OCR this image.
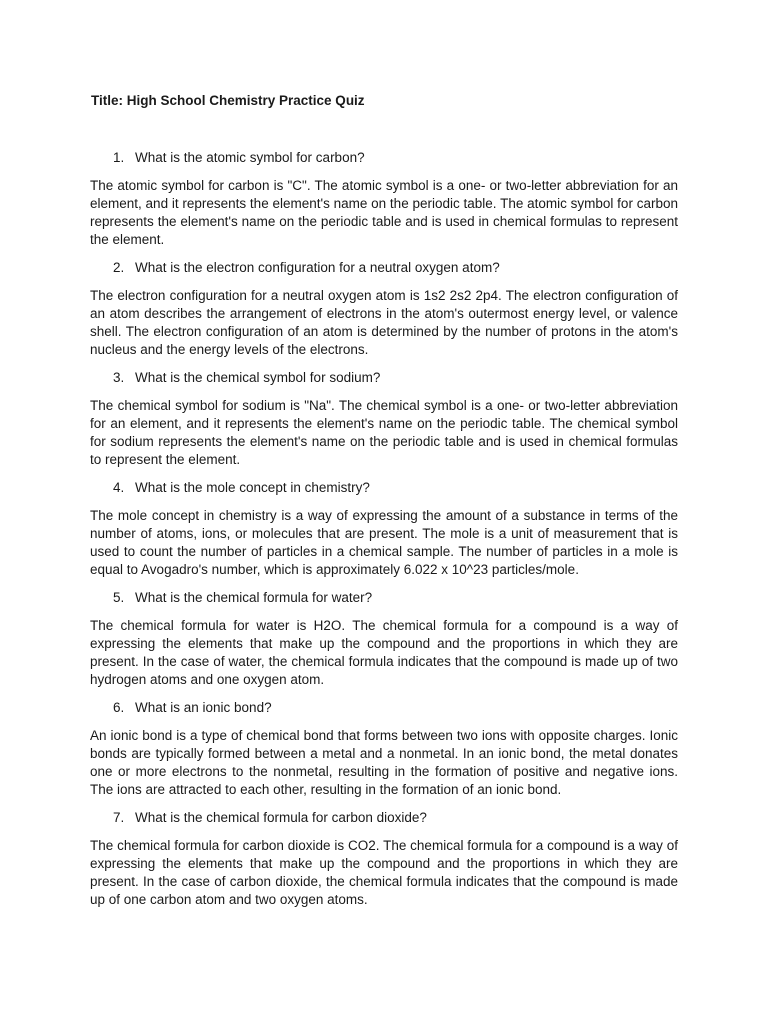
Title: High School Chemistry Practice Quiz
1. What is the atomic symbol for carbon?

The atomic symbol for carbon is "C". The atomic symbol is a one- or two-letter abbreviation for an element, and it represents the element's name on the periodic table. The atomic symbol for carbon represents the element's name on the periodic table and is used in chemical formulas to represent the element.

2. What is the electron configuration for a neutral oxygen atom?

The electron configuration for a neutral oxygen atom is 1s2 2s2 2p4. The electron configuration of an atom describes the arrangement of electrons in the atom's outermost energy level, or valence shell. The electron configuration of an atom is determined by the number of protons in the atom's nucleus and the energy levels of the electrons.

3. What is the chemical symbol for sodium?

The chemical symbol for sodium is "Na". The chemical symbol is a one- or two-letter abbreviation for an element, and it represents the element's name on the periodic table. The chemical symbol for sodium represents the element's name on the periodic table and is used in chemical formulas to represent the element.

4. What is the mole concept in chemistry?

The mole concept in chemistry is a way of expressing the amount of a substance in terms of the number of atoms, ions, or molecules that are present. The mole is a unit of measurement that is used to count the number of particles in a chemical sample. The number of particles in a mole is equal to Avogadro's number, which is approximately 6.022 x 10^23 particles/mole.

5. What is the chemical formula for water?

The chemical formula for water is H2O. The chemical formula for a compound is a way of expressing the elements that make up the compound and the proportions in which they are present. In the case of water, the chemical formula indicates that the compound is made up of two hydrogen atoms and one oxygen atom.

6. What is an ionic bond?

An ionic bond is a type of chemical bond that forms between two ions with opposite charges. Ionic bonds are typically formed between a metal and a nonmetal. In an ionic bond, the metal donates one or more electrons to the nonmetal, resulting in the formation of positive and negative ions. The ions are attracted to each other, resulting in the formation of an ionic bond.

7. What is the chemical formula for carbon dioxide?

The chemical formula for carbon dioxide is CO2. The chemical formula for a compound is a way of expressing the elements that make up the compound and the proportions in which they are present. In the case of carbon dioxide, the chemical formula indicates that the compound is made up of one carbon atom and two oxygen atoms.
